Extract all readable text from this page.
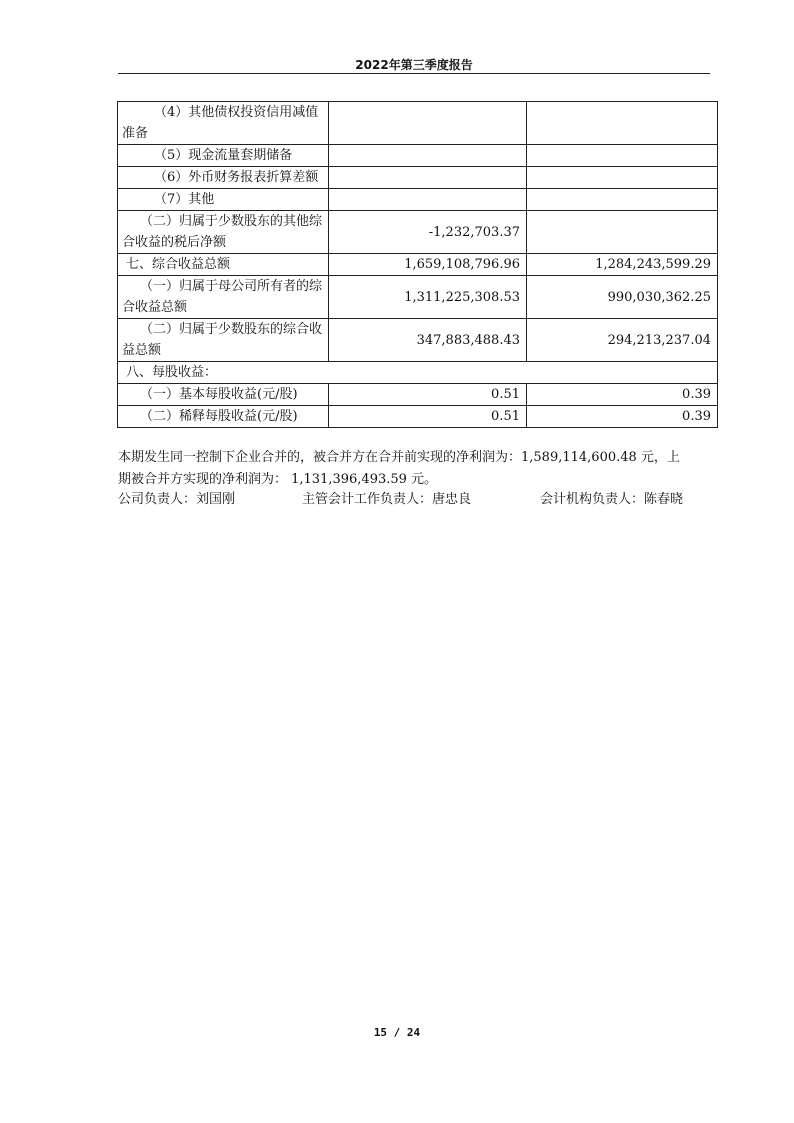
2022年第三季度报告
（4）其他债权投资信用减值准备		
（5）现金流量套期储备		
（6）外币财务报表折算差额		
（7）其他		
（二）归属于少数股东的其他综合收益的税后净额	-1,232,703.37	
七、综合收益总额	1,659,108,796.96	1,284,243,599.29
（一）归属于母公司所有者的综合收益总额	1,311,225,308.53	990,030,362.25
（二）归属于少数股东的综合收益总额	347,883,488.43	294,213,237.04
八、每股收益：		
（一）基本每股收益(元/股)	0.51	0.39
（二）稀释每股收益(元/股)	0.51	0.39

本期发生同一控制下企业合并的，被合并方在合并前实现的净利润为：1,589,114,600.48 元，上

期被合并方实现的净利润为： 1,131,396,493.59 元。

公司负责人：刘国刚	主管会计工作负责人：唐忠良	会计机构负责人：陈春晓
15 / 24
